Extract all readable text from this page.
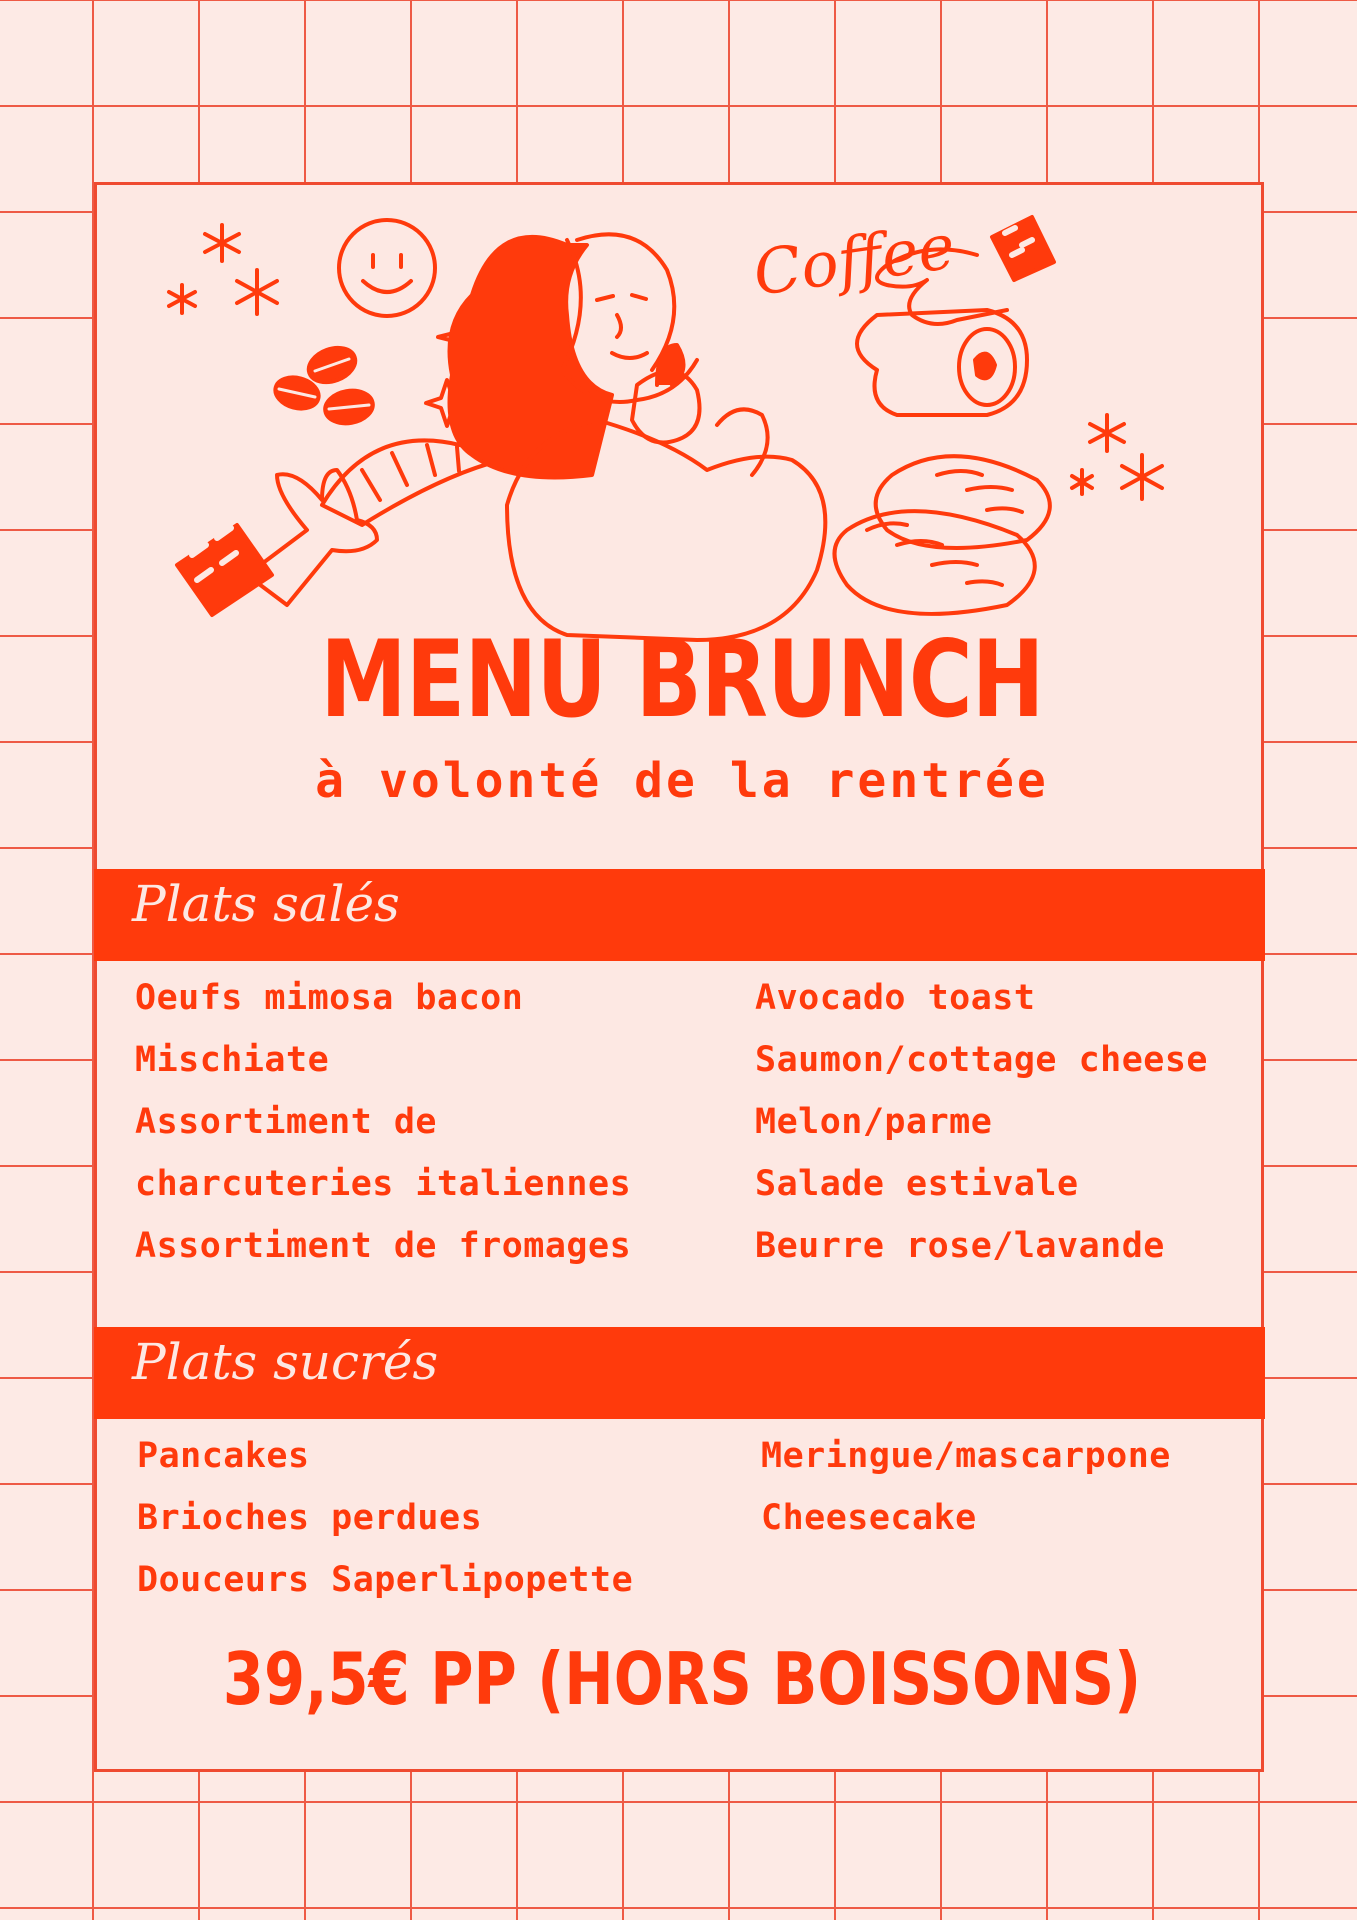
Coffee
MENU BRUNCH
à volonté de la rentrée
Plats salés
Oeufs mimosa bacon
Mischiate
Assortiment de
charcuteries italiennes
Assortiment de fromages
Avocado toast
Saumon/cottage cheese
Melon/parme
Salade estivale
Beurre rose/lavande
Plats sucrés
Pancakes
Brioches perdues
Douceurs Saperlipopette
Meringue/mascarpone
Cheesecake
39,5€ PP (HORS BOISSONS)
